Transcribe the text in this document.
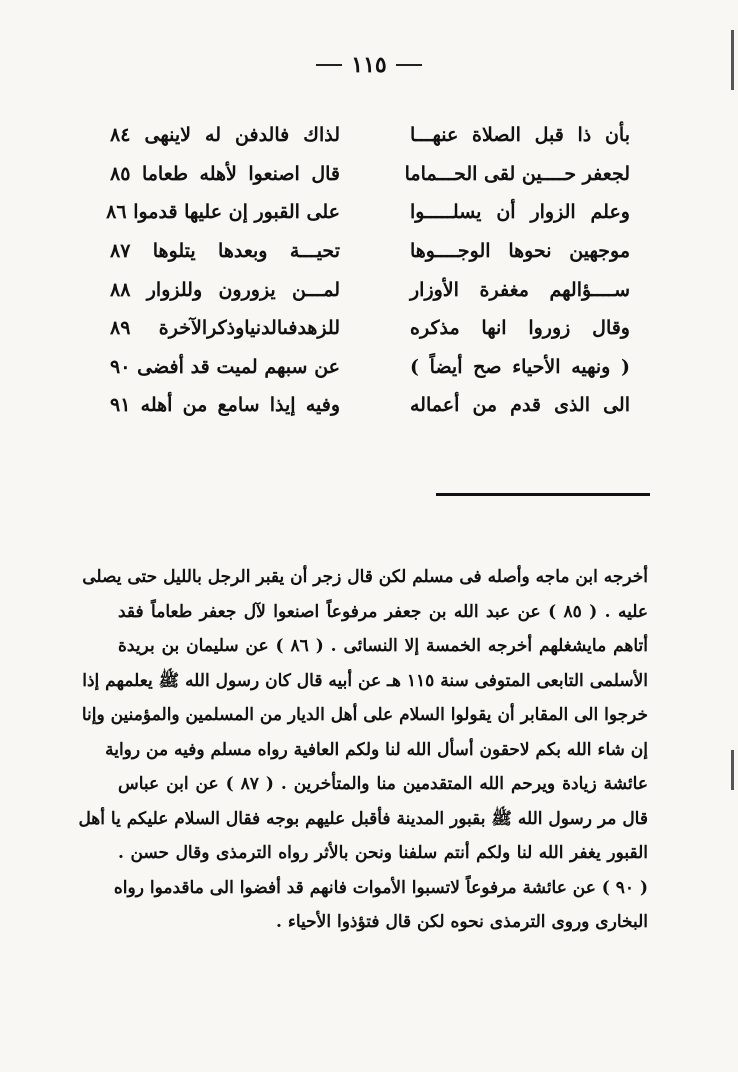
١١٥
بأن ذا قبل الصلاة عنهـــا
لذاك فالدفن له لاينهى ٨٤
لجعفر حــــين لقى الحـــماما
قال اصنعوا لأهله طعاما ٨٥
وعلم الزوار أن يسلـــــوا
على القبور إن عليها قدموا ٨٦
موجهين نحوها الوجــــوها
تحيـــة وبعدها يتلوها ٨٧
ســــؤالهم مغفرة الأوزار
لمـــن يزورون وللزوار ٨٨
وقال زوروا انها مذكره
للزهدفىالدنياوذكرالآخرة ٨٩
( ونهيه الأحياء صح أيضاً )
عن سبهم لميت قد أفضى ٩٠
الى الذى قدم من أعماله
وفيه إيذا سامع من أهله ٩١
أخرجه ابن ماجه وأصله فى مسلم لكن قال زجر أن يقبر الرجل بالليل حتى يصلى
عليه . ( ٨٥ ) عن عبد الله بن جعفر مرفوعاً اصنعوا لآل جعفر طعاماً فقد
أتاهم مايشغلهم أخرجه الخمسة إلا النسائى . ( ٨٦ ) عن سليمان بن بريدة
الأسلمى التابعى المتوفى سنة ١١٥ هـ عن أبيه قال كان رسول الله ﷺ يعلمهم إذا
خرجوا الى المقابر أن يقولوا السلام على أهل الديار من المسلمين والمؤمنين وإنا
إن شاء الله بكم لاحقون أسأل الله لنا ولكم العافية رواه مسلم وفيه من رواية
عائشة زيادة ويرحم الله المتقدمين منا والمتأخرين . ( ٨٧ ) عن ابن عباس
قال مر رسول الله ﷺ بقبور المدينة فأقبل عليهم بوجه فقال السلام عليكم يا أهل
القبور يغفر الله لنا ولكم أنتم سلفنا ونحن بالأثر رواه الترمذى وقال حسن .
( ٩٠ ) عن عائشة مرفوعاً لاتسبوا الأموات فانهم قد أفضوا الى ماقدموا رواه
البخارى وروى الترمذى نحوه لكن قال فتؤذوا الأحياء .
